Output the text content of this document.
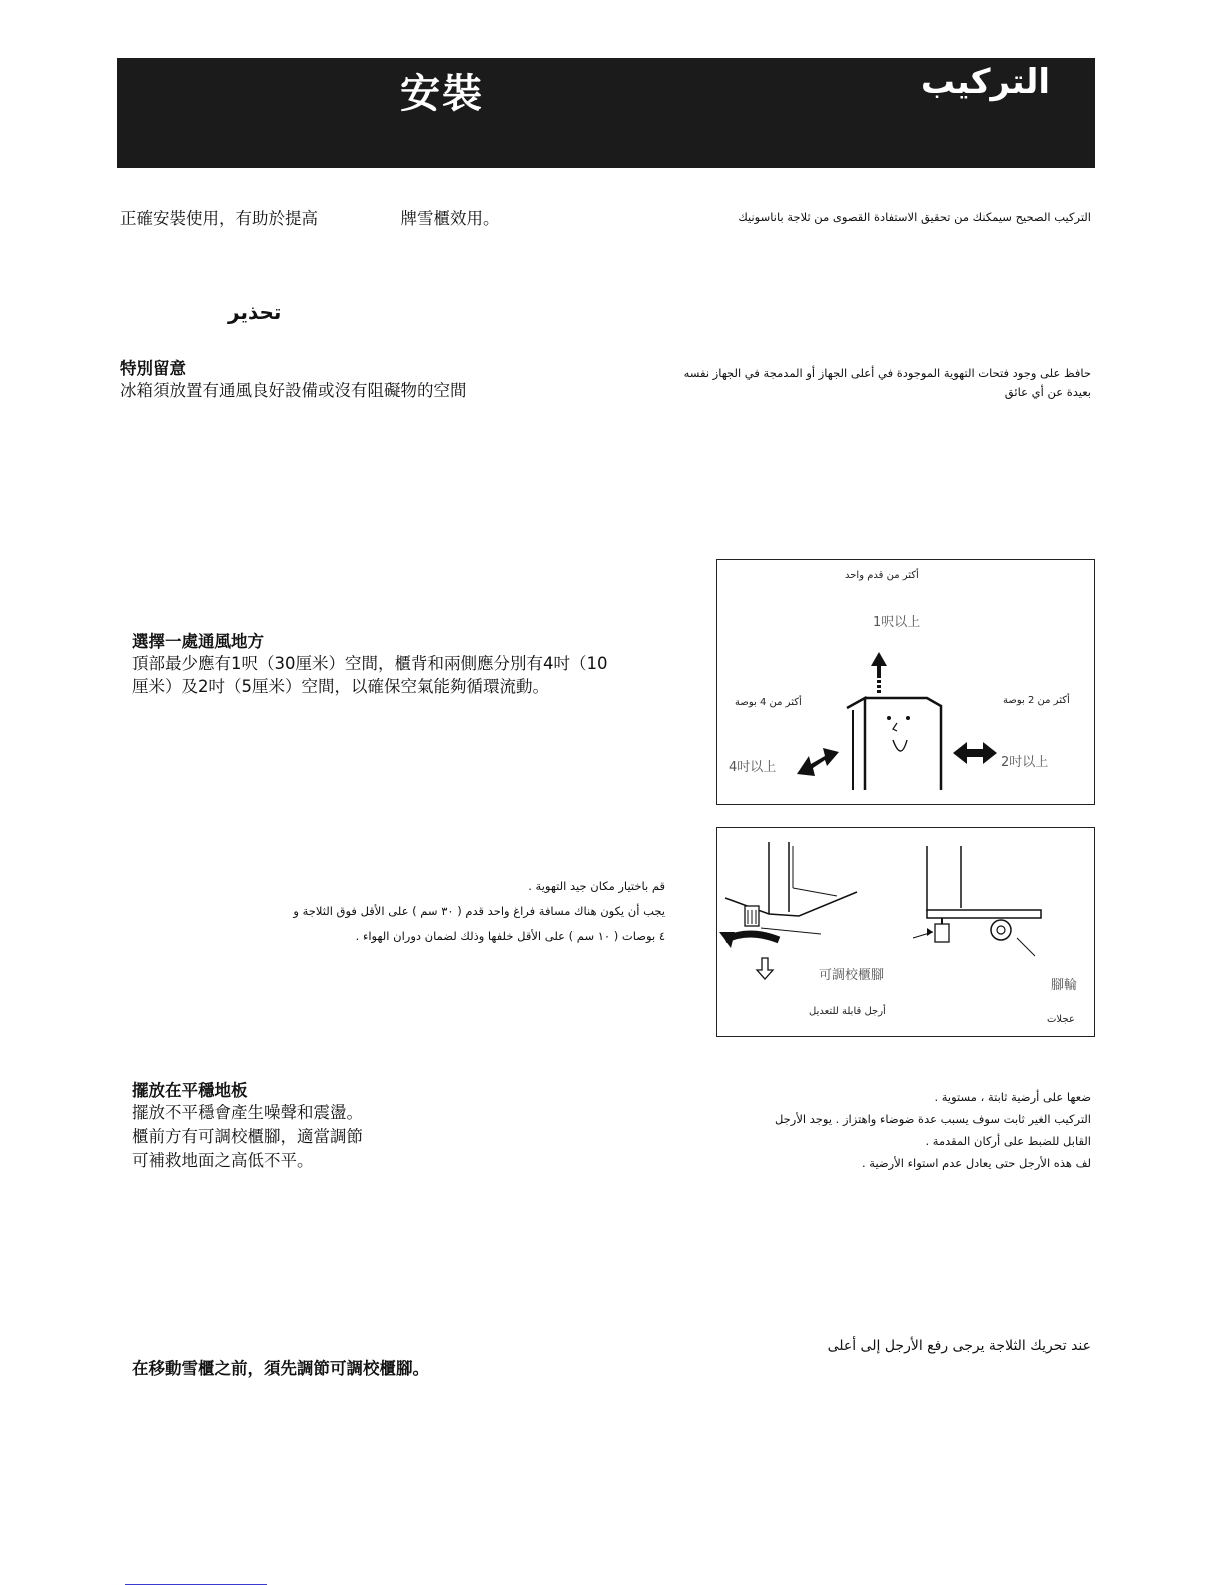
安裝	التركيب
正確安裝使用，有助於提高　　　　　牌雪櫃效用。	التركيب الصحيح سيمكنك من تحقيق الاستفادة القصوى من ثلاجة باناسونيك
تحذير
特別留意
冰箱須放置有通風良好設備或沒有阻礙物的空間
حافظ على وجود فتحات التهوية الموجودة في أعلى الجهاز أو المدمجة في الجهاز نفسه
بعيدة عن أي عائق
選擇一處通風地方
頂部最少應有1呎（30厘米）空間，櫃背和兩側應分別有4吋（10
厘米）及2吋（5厘米）空間，以確保空氣能夠循環流動。
قم باختيار مكان جيد التهوية .
يجب أن يكون هناك مسافة فراغ واحد قدم ( ٣٠ سم ) على الأقل فوق الثلاجة و
٤ بوصات ( ١٠ سم ) على الأقل خلفها وذلك لضمان دوران الهواء .
أكثر من قدم واحد
1呎以上
أكثر من 4 بوصة	أكثر من 2 بوصة
4吋以上	2吋以上
可調校櫃腳
أرجل قابلة للتعديل
腳輪
عجلات
擺放在平穩地板
擺放不平穩會產生噪聲和震盪。
櫃前方有可調校櫃腳，適當調節
可補救地面之高低不平。
ضعها على أرضية ثابتة ، مستوية .
التركيب الغير ثابت سوف يسبب عدة ضوضاء واهتزاز . يوجد الأرجل
القابل للضبط على أركان المقدمة .
لف هذه الأرجل حتى يعادل عدم استواء الأرضية .
在移動雪櫃之前，須先調節可調校櫃腳。
عند تحريك الثلاجة يرجى رفع الأرجل إلى أعلى
